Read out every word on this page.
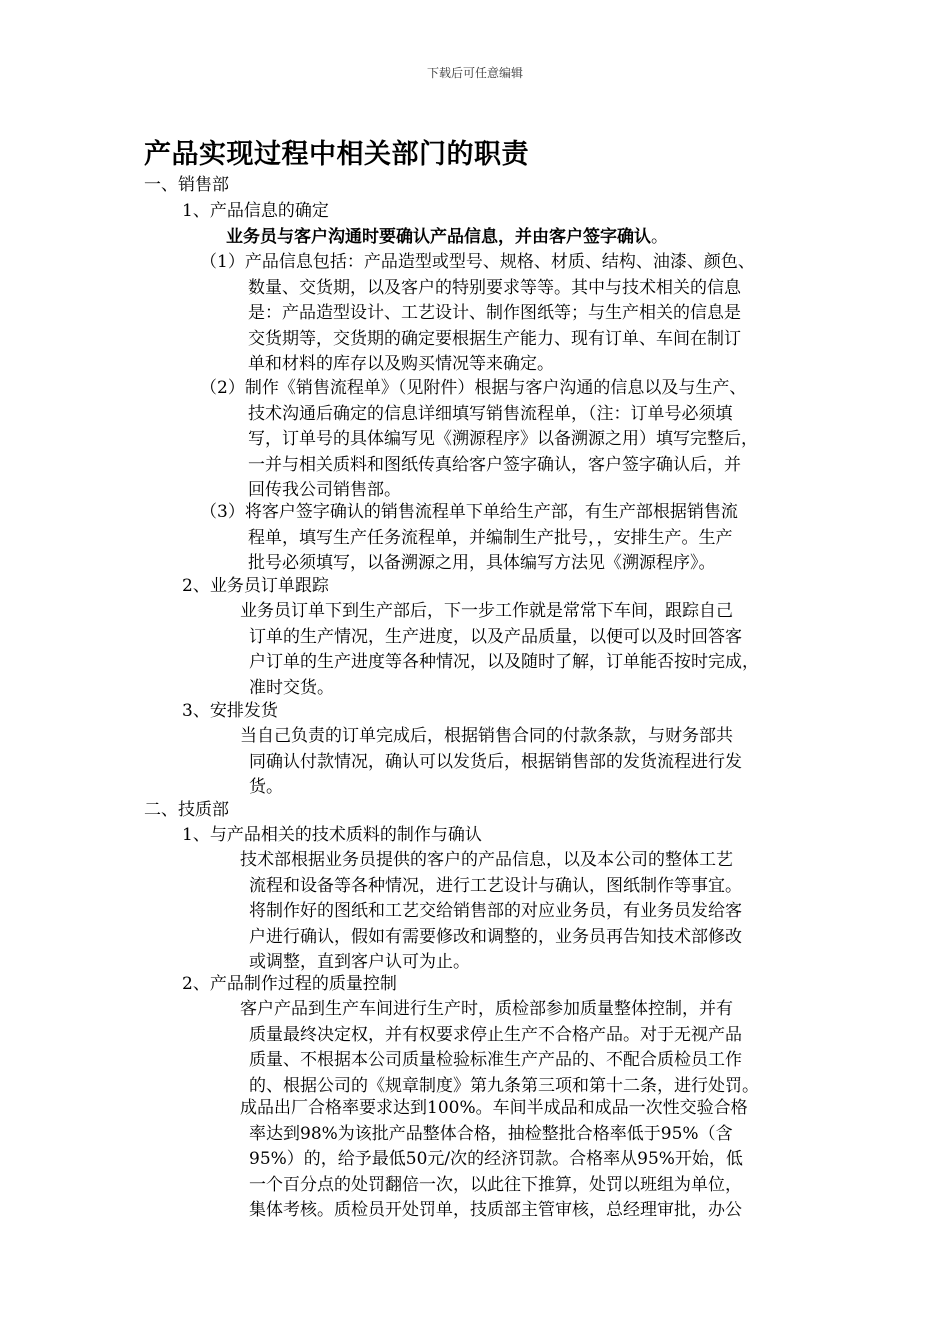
下载后可任意编辑
产品实现过程中相关部门的职责
一、销售部
1、产品信息的确定
业务员与客户沟通时要确认产品信息，并由客户签字确认。
（1）产品信息包括：产品造型或型号、规格、材质、结构、油漆、颜色、
数量、交货期，以及客户的特别要求等等。其中与技术相关的信息
是：产品造型设计、工艺设计、制作图纸等；与生产相关的信息是
交货期等，交货期的确定要根据生产能力、现有订单、车间在制订
单和材料的库存以及购买情况等来确定。
（2）制作《销售流程单》（见附件）根据与客户沟通的信息以及与生产、
技术沟通后确定的信息详细填写销售流程单，（注：订单号必须填
写，订单号的具体编写见《溯源程序》以备溯源之用）填写完整后，
一并与相关质料和图纸传真给客户签字确认，客户签字确认后，并
回传我公司销售部。
（3）将客户签字确认的销售流程单下单给生产部，有生产部根据销售流
程单，填写生产任务流程单，并编制生产批号，，安排生产。生产
批号必须填写，以备溯源之用，具体编写方法见《溯源程序》。
2、业务员订单跟踪
业务员订单下到生产部后，下一步工作就是常常下车间，跟踪自己
订单的生产情况，生产进度，以及产品质量，以便可以及时回答客
户订单的生产进度等各种情况，以及随时了解，订单能否按时完成，
准时交货。
3、安排发货
当自己负责的订单完成后，根据销售合同的付款条款，与财务部共
同确认付款情况，确认可以发货后，根据销售部的发货流程进行发
货。
二、技质部
1、与产品相关的技术质料的制作与确认
技术部根据业务员提供的客户的产品信息，以及本公司的整体工艺
流程和设备等各种情况，进行工艺设计与确认，图纸制作等事宜。
将制作好的图纸和工艺交给销售部的对应业务员，有业务员发给客
户进行确认，假如有需要修改和调整的，业务员再告知技术部修改
或调整，直到客户认可为止。
2、产品制作过程的质量控制
客户产品到生产车间进行生产时，质检部参加质量整体控制，并有
质量最终决定权，并有权要求停止生产不合格产品。对于无视产品
质量、不根据本公司质量检验标准生产产品的、不配合质检员工作
的、根据公司的《规章制度》第九条第三项和第十二条，进行处罚。
成品出厂合格率要求达到100%。车间半成品和成品一次性交验合格
率达到98%为该批产品整体合格，抽检整批合格率低于95%（含
95%）的，给予最低50元/次的经济罚款。合格率从95%开始，低
一个百分点的处罚翻倍一次，以此往下推算，处罚以班组为单位，
集体考核。质检员开处罚单，技质部主管审核，总经理审批，办公
